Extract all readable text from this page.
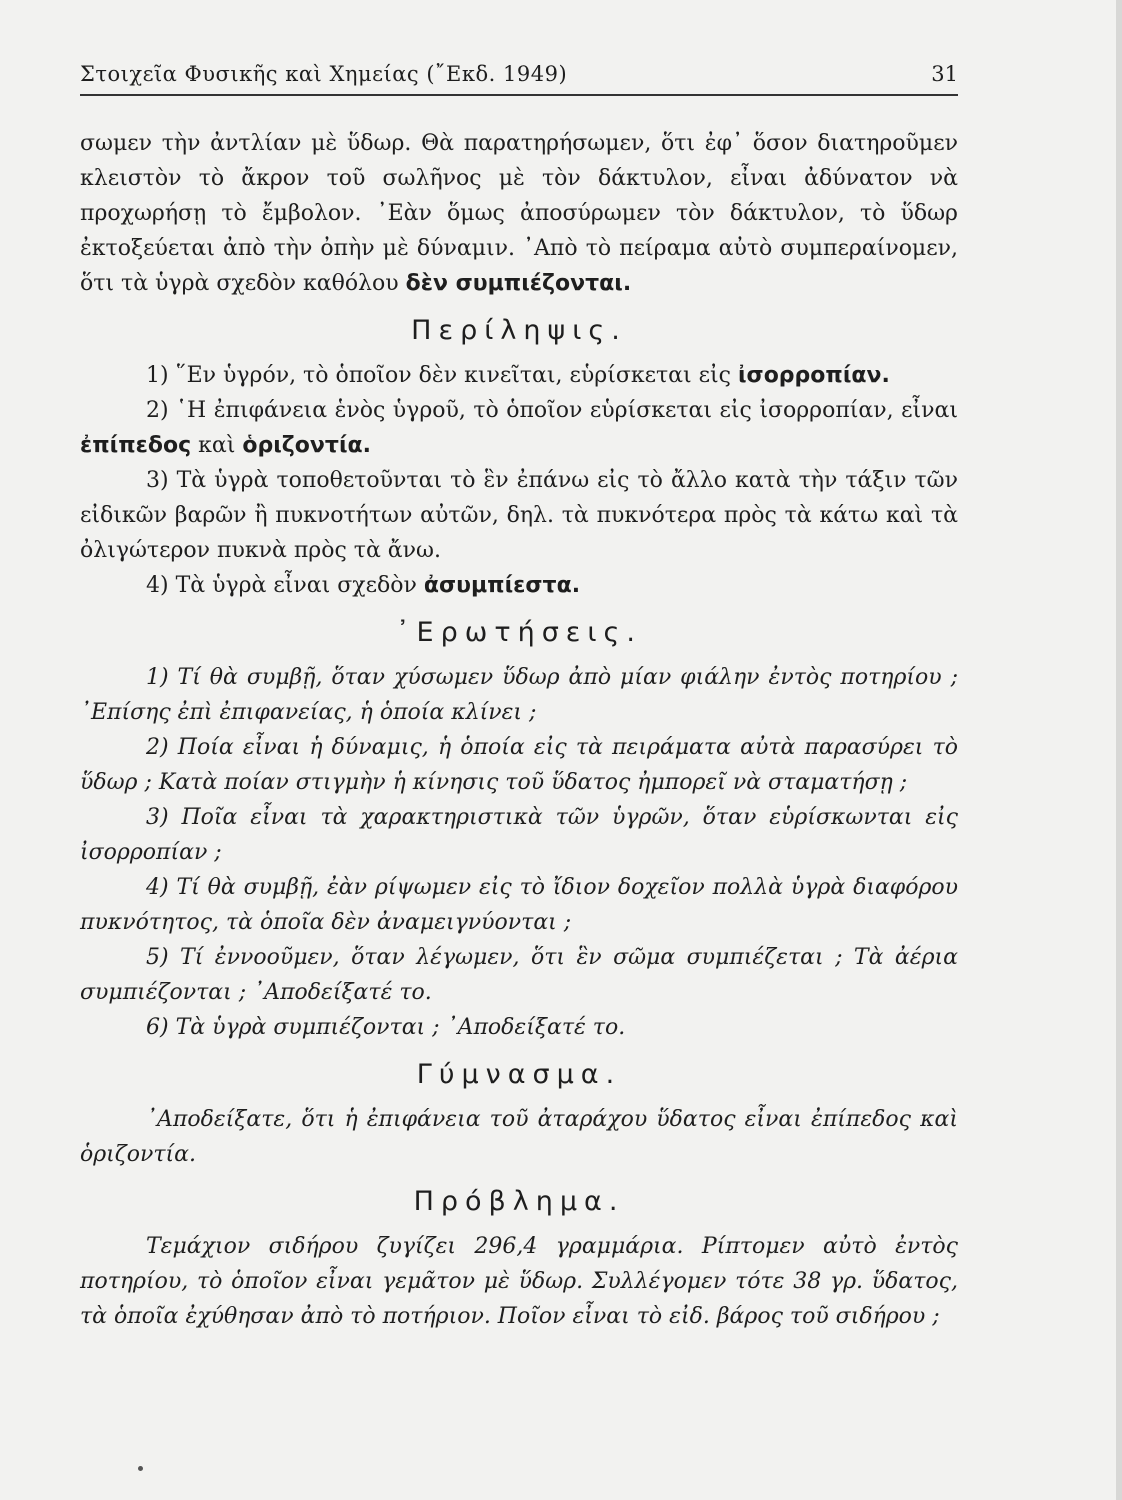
Στοιχεῖα Φυσικῆς καὶ Χημείας (῎Εκδ. 1949)	31
σωμεν τὴν ἀντλίαν μὲ ὕδωρ. Θὰ παρατηρήσωμεν, ὅτι ἐφ᾽ ὅσον διατηροῦμεν κλειστὸν τὸ ἄκρον τοῦ σωλῆνος μὲ τὸν δάκτυλον, εἶναι ἀδύνατον νὰ προχωρήσῃ τὸ ἔμβολον. ᾽Εὰν ὅμως ἀποσύρωμεν τὸν δάκτυλον, τὸ ὕδωρ ἐκτοξεύεται ἀπὸ τὴν ὀπὴν μὲ δύναμιν. ᾽Απὸ τὸ πείραμα αὐτὸ συμπεραίνομεν, ὅτι τὰ ὑγρὰ σχεδὸν καθόλου δὲν συμπιέζονται.
Περίληψις.
1) ῞Εν ὑγρόν, τὸ ὁποῖον δὲν κινεῖται, εὑρίσκεται εἰς ἰσορροπίαν.
2) ῾Η ἐπιφάνεια ἑνὸς ὑγροῦ, τὸ ὁποῖον εὑρίσκεται εἰς ἰσορροπίαν, εἶναι ἐπίπεδος καὶ ὁριζοντία.
3) Τὰ ὑγρὰ τοποθετοῦνται τὸ ἓν ἐπάνω εἰς τὸ ἄλλο κατὰ τὴν τάξιν τῶν εἰδικῶν βαρῶν ἢ πυκνοτήτων αὐτῶν, δηλ. τὰ πυκνότερα πρὸς τὰ κάτω καὶ τὰ ὀλιγώτερον πυκνὰ πρὸς τὰ ἄνω.
4) Τὰ ὑγρὰ εἶναι σχεδὸν ἀσυμπίεστα.
᾽Ερωτήσεις.
1) Τί θὰ συμβῇ, ὅταν χύσωμεν ὕδωρ ἀπὸ μίαν φιάλην ἐντὸς ποτηρίου ; ᾽Επίσης ἐπὶ ἐπιφανείας, ἡ ὁποία κλίνει ;
2) Ποία εἶναι ἡ δύναμις, ἡ ὁποία εἰς τὰ πειράματα αὐτὰ παρασύρει τὸ ὕδωρ ; Κατὰ ποίαν στιγμὴν ἡ κίνησις τοῦ ὕδατος ἠμπορεῖ νὰ σταματήσῃ ;
3) Ποῖα εἶναι τὰ χαρακτηριστικὰ τῶν ὑγρῶν, ὅταν εὑρίσκωνται εἰς ἰσορροπίαν ;
4) Τί θὰ συμβῇ, ἐὰν ρίψωμεν εἰς τὸ ἴδιον δοχεῖον πολλὰ ὑγρὰ διαφόρου πυκνότητος, τὰ ὁποῖα δὲν ἀναμειγνύονται ;
5) Τί ἐννοοῦμεν, ὅταν λέγωμεν, ὅτι ἓν σῶμα συμπιέζεται ; Τὰ ἀέρια συμπιέζονται ; ᾽Αποδείξατέ το.
6) Τὰ ὑγρὰ συμπιέζονται ; ᾽Αποδείξατέ το.
Γύμνασμα.
᾽Αποδείξατε, ὅτι ἡ ἐπιφάνεια τοῦ ἀταράχου ὕδατος εἶναι ἐπίπεδος καὶ ὁριζοντία.
Πρόβλημα.
Τεμάχιον σιδήρου ζυγίζει 296,4 γραμμάρια. Ρίπτομεν αὐτὸ ἐντὸς ποτηρίου, τὸ ὁποῖον εἶναι γεμᾶτον μὲ ὕδωρ. Συλλέγομεν τότε 38 γρ. ὕδατος, τὰ ὁποῖα ἐχύθησαν ἀπὸ τὸ ποτήριον. Ποῖον εἶναι τὸ εἰδ. βάρος τοῦ σιδήρου ;
